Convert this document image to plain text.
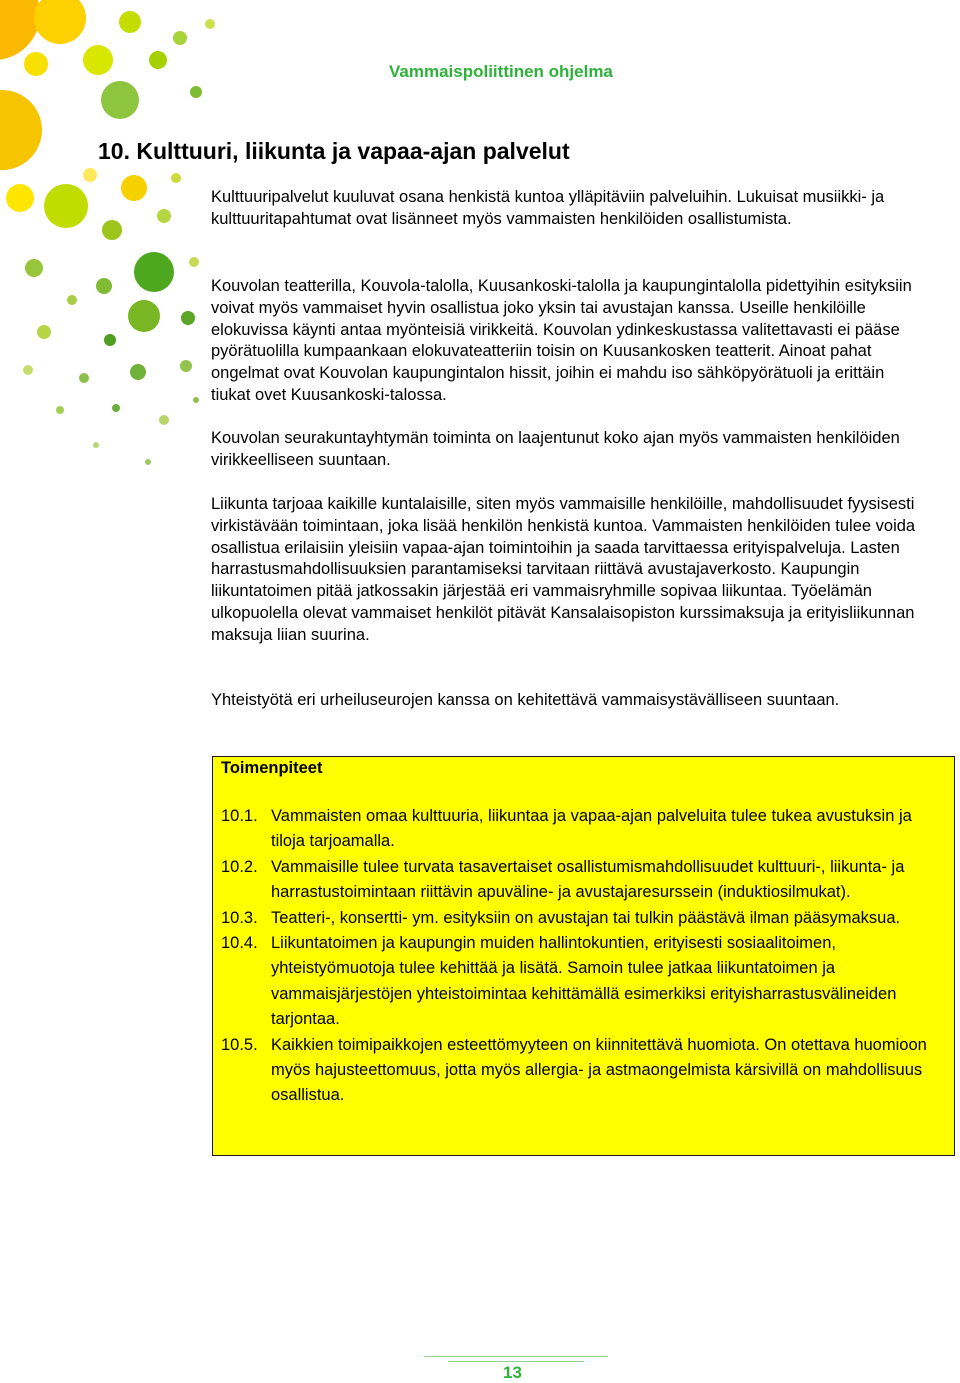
Vammaispoliittinen ohjelma
10. Kulttuuri, liikunta ja vapaa-ajan palvelut

Kulttuuripalvelut kuuluvat osana henkistä kuntoa ylläpitäviin palveluihin. Lukuisat musiikki- ja kulttuuritapahtumat ovat lisänneet myös vammaisten henkilöiden osallistumista.

Kouvolan teatterilla, Kouvola-talolla, Kuusankoski-talolla ja kaupungintalolla pidettyihin esityksiin voivat myös vammaiset hyvin osallistua joko yksin tai avustajan kanssa. Useille henkilöille elokuvissa käynti antaa myönteisiä virikkeitä. Kouvolan ydinkeskustassa valitettavasti ei pääse pyörätuolilla kumpaankaan elokuvateatteriin toisin on Kuusankosken teatterit. Ainoat pahat ongelmat ovat Kouvolan kaupungintalon hissit, joihin ei mahdu iso sähköpyörätuoli ja erittäin tiukat ovet Kuusankoski-talossa.

Kouvolan seurakuntayhtymän toiminta on laajentunut koko ajan myös vammaisten henkilöiden virikkeelliseen suuntaan.

Liikunta tarjoaa kaikille kuntalaisille, siten myös vammaisille henkilöille, mahdollisuudet fyysisesti virkistävään toimintaan, joka lisää henkilön henkistä kuntoa. Vammaisten henkilöiden tulee voida osallistua erilaisiin yleisiin vapaa-ajan toimintoihin ja saada tarvittaessa erityispalveluja. Lasten harrastusmahdollisuuksien parantamiseksi tarvitaan riittävä avustajaverkosto. Kaupungin liikuntatoimen pitää jatkossakin järjestää eri vammaisryhmille sopivaa liikuntaa. Työelämän ulkopuolella olevat vammaiset henkilöt pitävät Kansalaisopiston kurssimaksuja ja erityisliikunnan maksuja liian suurina.

Yhteistyötä eri urheiluseurojen kanssa on kehitettävä vammaisystävälliseen suuntaan.

Toimenpiteet
10.1. Vammaisten omaa kulttuuria, liikuntaa ja vapaa-ajan palveluita tulee tukea avustuksin ja tiloja tarjoamalla.
10.2. Vammaisille tulee turvata tasavertaiset osallistumismahdollisuudet kulttuuri-, liikunta- ja harrastustoimintaan riittävin apuväline- ja avustajaresurssein (induktiosilmukat).
10.3. Teatteri-, konsertti- ym. esityksiin on avustajan tai tulkin päästävä ilman pääsymaksua.
10.4. Liikuntatoimen ja kaupungin muiden hallintokuntien, erityisesti sosiaalitoimen, yhteistyömuotoja tulee kehittää ja lisätä. Samoin tulee jatkaa liikuntatoimen ja vammaisjärjestöjen yhteistoimintaa kehittämällä esimerkiksi erityisharrastusvälineiden tarjontaa.
10.5. Kaikkien toimipaikkojen esteettömyyteen on kiinnitettävä huomiota. On otettava huomioon myös hajusteettomuus, jotta myös allergia- ja astmaongelmista kärsivillä on mahdollisuus osallistua.
13
